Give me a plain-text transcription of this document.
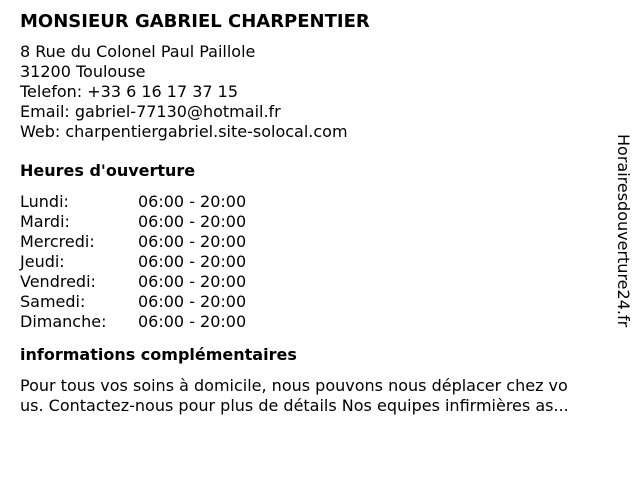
MONSIEUR GABRIEL CHARPENTIER
8 Rue du Colonel Paul Paillole
31200 Toulouse
Telefon: +33 6 16 17 37 15
Email: gabriel-77130@hotmail.fr
Web: charpentiergabriel.site-solocal.com
Heures d'ouverture
Lundi:	06:00 - 20:00
Mardi:	06:00 - 20:00
Mercredi:	06:00 - 20:00
Jeudi:	06:00 - 20:00
Vendredi:	06:00 - 20:00
Samedi:	06:00 - 20:00
Dimanche:	06:00 - 20:00
informations complémentaires
Pour tous vos soins à domicile, nous pouvons nous déplacer chez vo
us. Contactez-nous pour plus de détails Nos equipes infirmières as...
Horairesdouverture24.fr
